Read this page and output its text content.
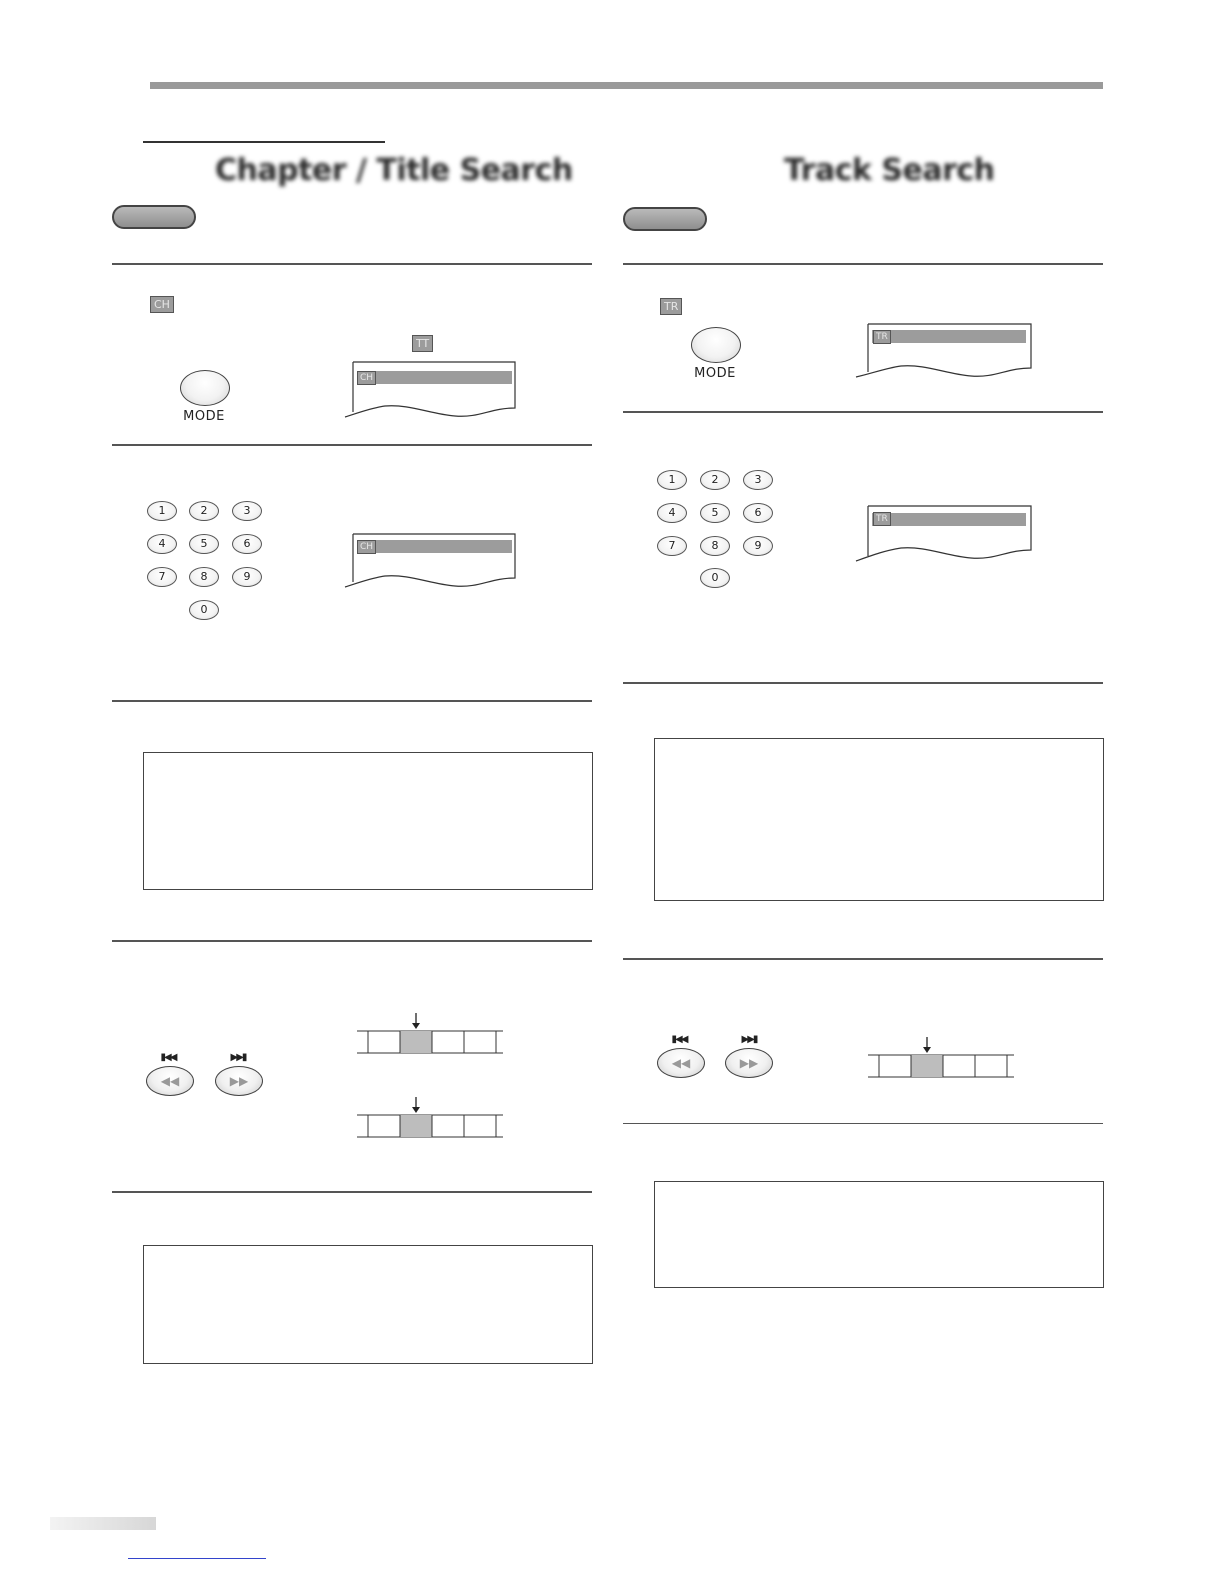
Chapter / Title Search
CH
TT
MODE
CH
1	2	3
4	5	6
7	8	9
0
CH
▮◀◀	▶▶▮
◀◀	▶▶
Track Search
TR
MODE
TR
1	2	3
4	5	6
7	8	9
0
TR
▮◀◀	▶▶▮
◀◀	▶▶
